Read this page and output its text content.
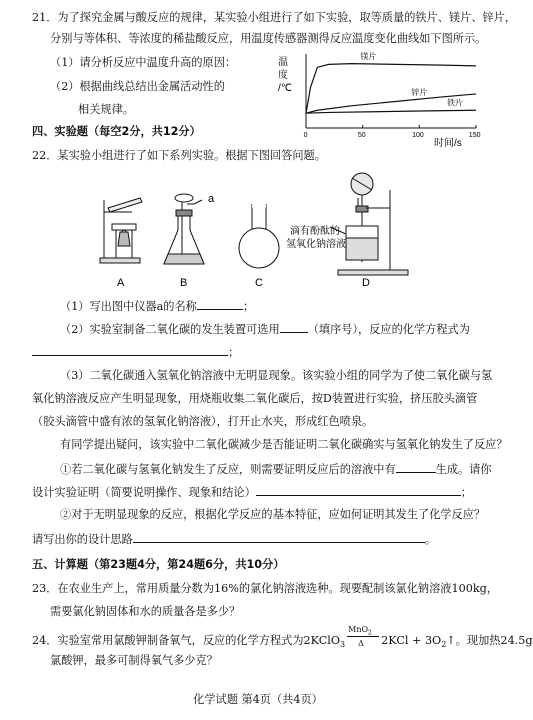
21．为了探究金属与酸反应的规律，某实验小组进行了如下实验，取等质量的铁片、镁片、锌片，
分别与等体积、等浓度的稀盐酸反应，用温度传感器测得反应温度变化曲线如下图所示。
（1）请分析反应中温度升高的原因：
（2）根据曲线总结出金属活动性的
相关规律。
温
度
/℃
0	50	100	150
镁片
锌片
铁片
时间/s
四、实验题（每空2分，共12分）
22．某实验小组进行了如下系列实验。根据下图回答问题。
a
滴有酚酞的
氢氧化钠溶液
A	B	C	D
（1）写出图中仪器a的名称	；
（2）实验室制备二氧化碳的发生装置可选用	（填序号），反应的化学方程式为
；
（3）二氧化碳通入氢氧化钠溶液中无明显现象。该实验小组的同学为了使二氧化碳与氢
氧化钠溶液反应产生明显现象，用烧瓶收集二氧化碳后，按D装置进行实验，挤压胶头滴管
（胶头滴管中盛有浓的氢氧化钠溶液），打开止水夹，形成红色喷泉。
有同学提出疑问，该实验中二氧化碳减少是否能证明二氧化碳确实与氢氧化钠发生了反应？
①若二氧化碳与氢氧化钠发生了反应，则需要证明反应后的溶液中有	生成。请你
设计实验证明（简要说明操作、现象和结论）	；
②对于无明显现象的反应，根据化学反应的基本特征，应如何证明其发生了化学反应？
请写出你的设计思路	。
五、计算题（第23题4分，第24题6分，共10分）
23．在农业生产上，常用质量分数为16%的氯化钠溶液选种。现要配制该氯化钠溶液100kg，
需要氯化钠固体和水的质量各是多少？
24．实验室常用氯酸钾制备氧气，反应的化学方程式为2KClO$_3$
MnO$_2$
Δ $2KCl + 3O_2↑$。现加热24.5g
氯酸钾，最多可制得氧气多少克？
化学试题 第4页（共4页）
